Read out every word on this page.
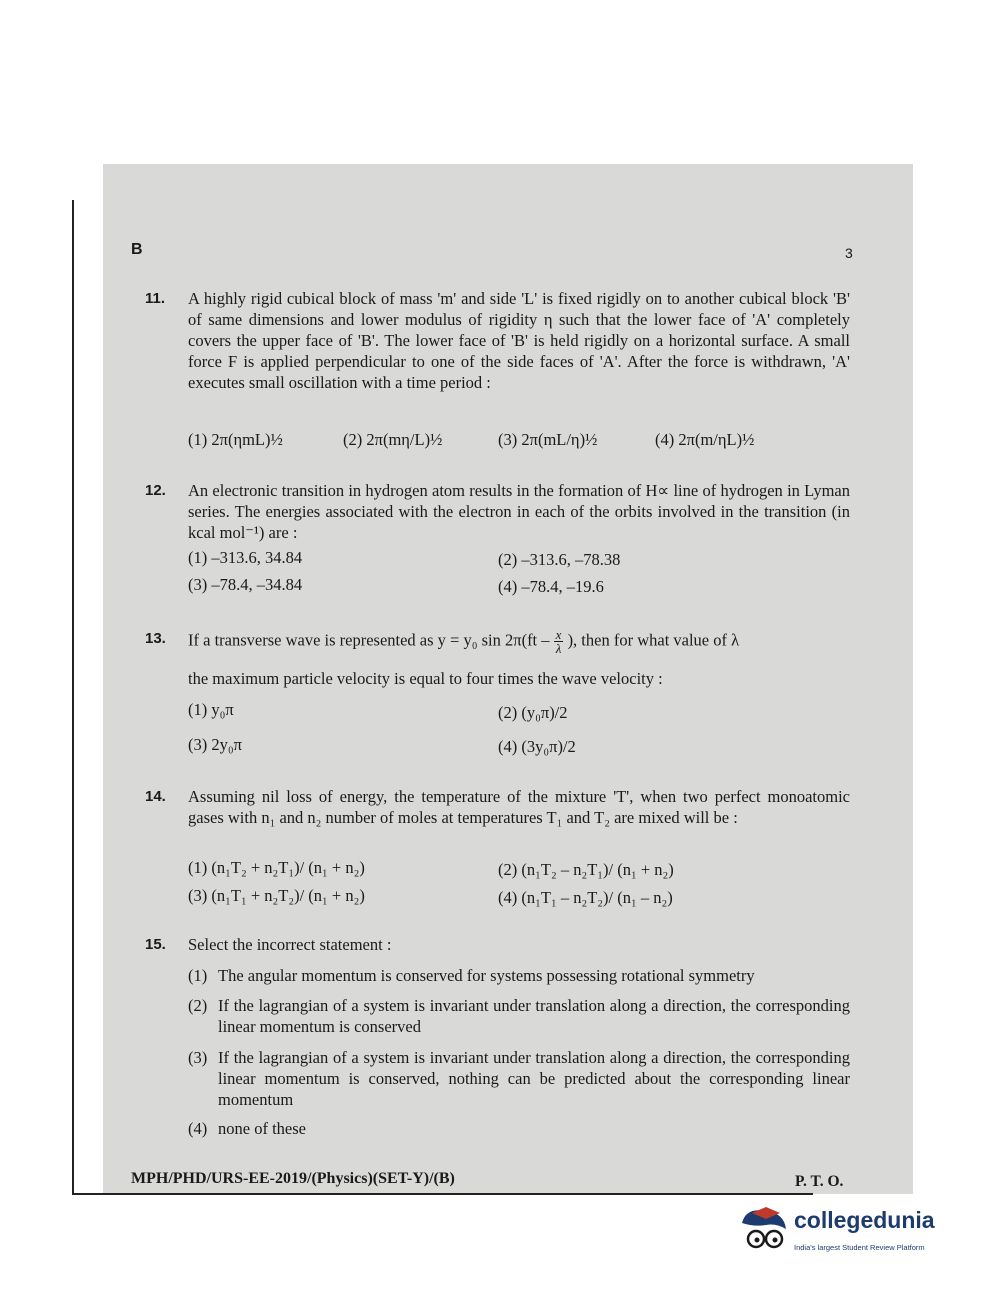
B	3
11. A highly rigid cubical block of mass 'm' and side 'L' is fixed rigidly on to another cubical block 'B' of same dimensions and lower modulus of rigidity η such that the lower face of 'A' completely covers the upper face of 'B'. The lower face of 'B' is held rigidly on a horizontal surface. A small force F is applied perpendicular to one of the side faces of 'A'. After the force is withdrawn, 'A' executes small oscillation with a time period :
(1) 2π(ηmL)½	(2) 2π(mη/L)½	(3) 2π(mL/η)½	(4) 2π(m/ηL)½
12. An electronic transition in hydrogen atom results in the formation of H∝ line of hydrogen in Lyman series. The energies associated with the electron in each of the orbits involved in the transition (in kcal mol⁻¹) are :
(1) –313.6, 34.84	(2) –313.6, –78.38
(3) –78.4, –34.84	(4) –78.4, –19.6
13. If a transverse wave is represented as y = y₀ $\sin 2\pi(ft - \frac{x}{\lambda}$ ), then for what value of λ
the maximum particle velocity is equal to four times the wave velocity :
(1) y₀π	(2) (y₀π)/2
(3) 2y₀π	(4) (3y₀π)/2
14. Assuming nil loss of energy, the temperature of the mixture 'T', when two perfect monoatomic gases with n₁ and n₂ number of moles at temperatures T₁ and T₂ are mixed will be :
(1) (n₁T₂ + n₂T₁)/ (n₁ + n₂)	(2) (n₁T₂ – n₂T₁)/ (n₁ + n₂)
(3) (n₁T₁ + n₂T₂)/ (n₁ + n₂)	(4) (n₁T₁ – n₂T₂)/ (n₁ – n₂)
15. Select the incorrect statement :
(1) The angular momentum is conserved for systems possessing rotational symmetry
(2) If the lagrangian of a system is invariant under translation along a direction, the corresponding linear momentum is conserved
(3) If the lagrangian of a system is invariant under translation along a direction, the corresponding linear momentum is conserved, nothing can be predicted about the corresponding linear momentum
(4) none of these
MPH/PHD/URS-EE-2019/(Physics)(SET-Y)/(B)	P. T. O.
collegedunia
India's largest Student Review Platform
